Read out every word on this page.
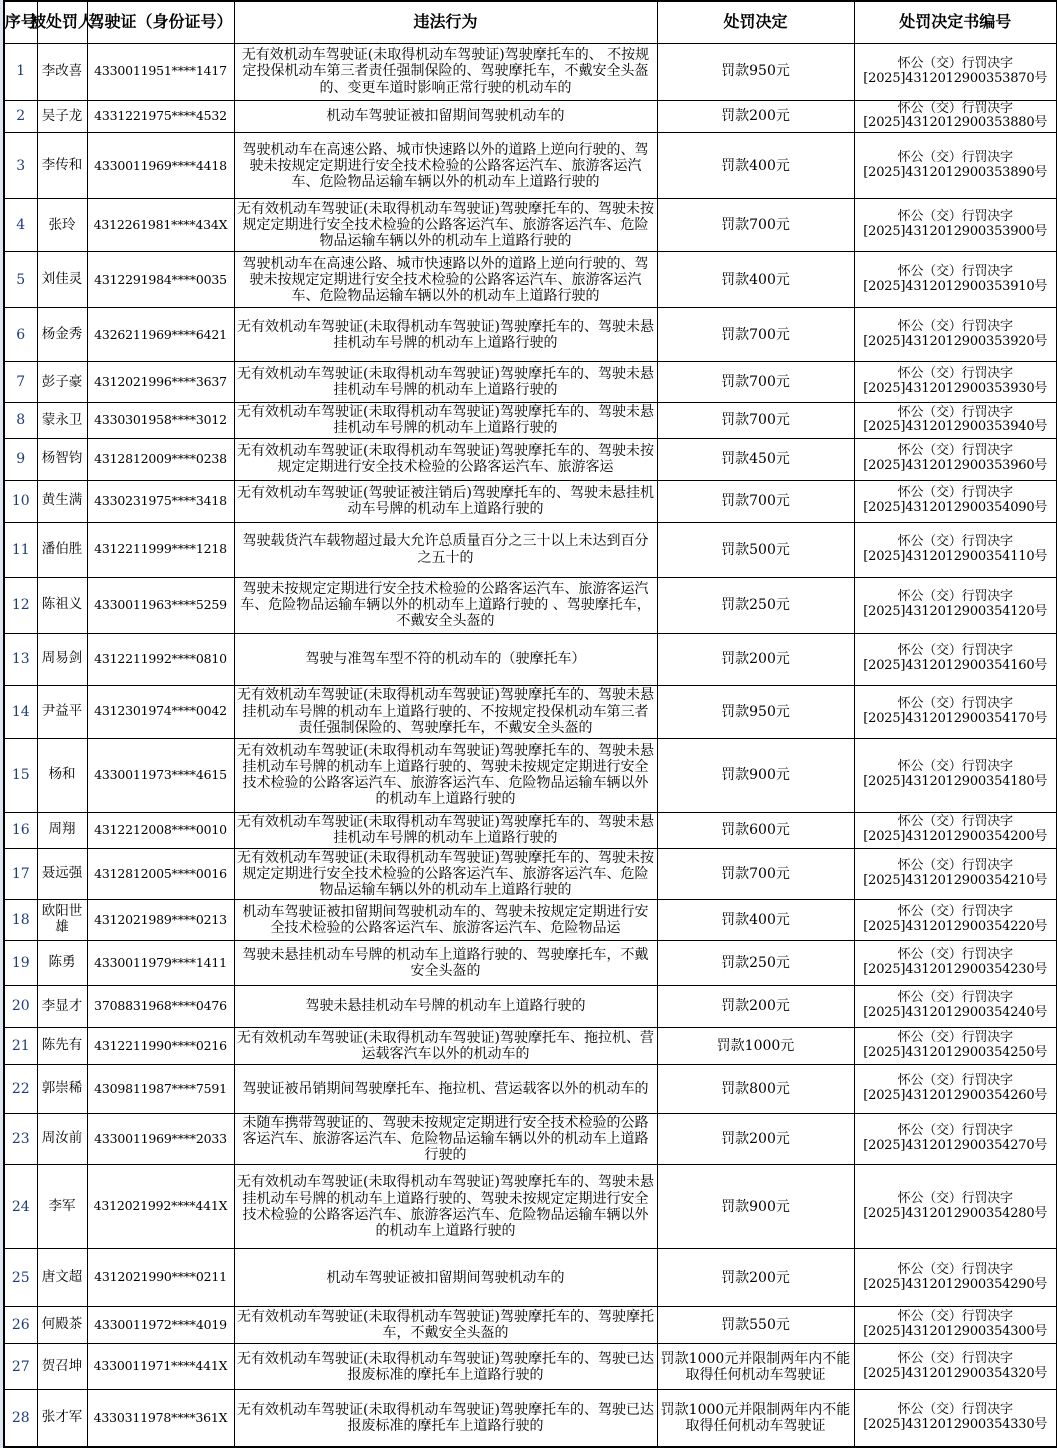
序号	被处罚人	驾驶证（身份证号）	违法行为	处罚决定	处罚决定书编号
1	李改喜	4330011951****1417	无有效机动车驾驶证(未取得机动车驾驶证)驾驶摩托车的、 不按规定投保机动车第三者责任强制保险的、驾驶摩托车，不戴安全头盔的、变更车道时影响正常行驶的机动车的	罚款950元	怀公（交）行罚决字[2025]4312012900353870号
2	吴子龙	4331221975****4532	机动车驾驶证被扣留期间驾驶机动车的	罚款200元	怀公（交）行罚决字[2025]4312012900353880号
3	李传和	4330011969****4418	驾驶机动车在高速公路、城市快速路以外的道路上逆向行驶的、驾驶未按规定定期进行安全技术检验的公路客运汽车、旅游客运汽车、危险物品运输车辆以外的机动车上道路行驶的	罚款400元	怀公（交）行罚决字[2025]4312012900353890号
4	张玲	4312261981****434X	无有效机动车驾驶证(未取得机动车驾驶证)驾驶摩托车的、驾驶未按规定定期进行安全技术检验的公路客运汽车、旅游客运汽车、危险物品运输车辆以外的机动车上道路行驶的	罚款700元	怀公（交）行罚决字[2025]4312012900353900号
5	刘佳灵	4312291984****0035	驾驶机动车在高速公路、城市快速路以外的道路上逆向行驶的、驾驶未按规定定期进行安全技术检验的公路客运汽车、旅游客运汽车、危险物品运输车辆以外的机动车上道路行驶的	罚款400元	怀公（交）行罚决字[2025]4312012900353910号
6	杨金秀	4326211969****6421	无有效机动车驾驶证(未取得机动车驾驶证)驾驶摩托车的、驾驶未悬挂机动车号牌的机动车上道路行驶的	罚款700元	怀公（交）行罚决字[2025]4312012900353920号
7	彭子豪	4312021996****3637	无有效机动车驾驶证(未取得机动车驾驶证)驾驶摩托车的、驾驶未悬挂机动车号牌的机动车上道路行驶的	罚款700元	怀公（交）行罚决字[2025]4312012900353930号
8	蒙永卫	4330301958****3012	无有效机动车驾驶证(未取得机动车驾驶证)驾驶摩托车的、驾驶未悬挂机动车号牌的机动车上道路行驶的	罚款700元	怀公（交）行罚决字[2025]4312012900353940号
9	杨智钧	4312812009****0238	无有效机动车驾驶证(未取得机动车驾驶证)驾驶摩托车的、驾驶未按规定定期进行安全技术检验的公路客运汽车、旅游客运	罚款450元	怀公（交）行罚决字[2025]4312012900353960号
10	黄生满	4330231975****3418	无有效机动车驾驶证(驾驶证被注销后)驾驶摩托车的、驾驶未悬挂机动车号牌的机动车上道路行驶的	罚款700元	怀公（交）行罚决字[2025]4312012900354090号
11	潘伯胜	4312211999****1218	驾驶载货汽车载物超过最大允许总质量百分之三十以上未达到百分之五十的	罚款500元	怀公（交）行罚决字[2025]4312012900354110号
12	陈祖义	4330011963****5259	驾驶未按规定定期进行安全技术检验的公路客运汽车、旅游客运汽车、危险物品运输车辆以外的机动车上道路行驶的 、驾驶摩托车，不戴安全头盔的	罚款250元	怀公（交）行罚决字[2025]4312012900354120号
13	周易剑	4312211992****0810	驾驶与准驾车型不符的机动车的（驶摩托车）	罚款200元	怀公（交）行罚决字[2025]4312012900354160号
14	尹益平	4312301974****0042	无有效机动车驾驶证(未取得机动车驾驶证)驾驶摩托车的、驾驶未悬挂机动车号牌的机动车上道路行驶的、不按规定投保机动车第三者责任强制保险的、驾驶摩托车，不戴安全头盔的	罚款950元	怀公（交）行罚决字[2025]4312012900354170号
15	杨和	4330011973****4615	无有效机动车驾驶证(未取得机动车驾驶证)驾驶摩托车的、驾驶未悬挂机动车号牌的机动车上道路行驶的、驾驶未按规定定期进行安全技术检验的公路客运汽车、旅游客运汽车、危险物品运输车辆以外的机动车上道路行驶的	罚款900元	怀公（交）行罚决字[2025]4312012900354180号
16	周翔	4312212008****0010	无有效机动车驾驶证(未取得机动车驾驶证)驾驶摩托车的、驾驶未悬挂机动车号牌的机动车上道路行驶的	罚款600元	怀公（交）行罚决字[2025]4312012900354200号
17	聂远强	4312812005****0016	无有效机动车驾驶证(未取得机动车驾驶证)驾驶摩托车的、驾驶未按规定定期进行安全技术检验的公路客运汽车、旅游客运汽车、危险物品运输车辆以外的机动车上道路行驶的	罚款700元	怀公（交）行罚决字[2025]4312012900354210号
18	欧阳世雄	4312021989****0213	机动车驾驶证被扣留期间驾驶机动车的、驾驶未按规定定期进行安全技术检验的公路客运汽车、旅游客运汽车、危险物品运	罚款400元	怀公（交）行罚决字[2025]4312012900354220号
19	陈勇	4330011979****1411	驾驶未悬挂机动车号牌的机动车上道路行驶的、驾驶摩托车，不戴安全头盔的	罚款250元	怀公（交）行罚决字[2025]4312012900354230号
20	李显才	3708831968****0476	驾驶未悬挂机动车号牌的机动车上道路行驶的	罚款200元	怀公（交）行罚决字[2025]4312012900354240号
21	陈先有	4312211990****0216	无有效机动车驾驶证(未取得机动车驾驶证)驾驶摩托车、拖拉机、营运载客汽车以外的机动车的	罚款1000元	怀公（交）行罚决字[2025]4312012900354250号
22	郭崇稀	4309811987****7591	驾驶证被吊销期间驾驶摩托车、拖拉机、营运载客以外的机动车的	罚款800元	怀公（交）行罚决字[2025]4312012900354260号
23	周汝前	4330011969****2033	未随车携带驾驶证的、驾驶未按规定定期进行安全技术检验的公路客运汽车、旅游客运汽车、危险物品运输车辆以外的机动车上道路行驶的	罚款200元	怀公（交）行罚决字[2025]4312012900354270号
24	李军	4312021992****441X	无有效机动车驾驶证(未取得机动车驾驶证)驾驶摩托车的、驾驶未悬挂机动车号牌的机动车上道路行驶的、驾驶未按规定定期进行安全技术检验的公路客运汽车、旅游客运汽车、危险物品运输车辆以外的机动车上道路行驶的	罚款900元	怀公（交）行罚决字[2025]4312012900354280号
25	唐文超	4312021990****0211	机动车驾驶证被扣留期间驾驶机动车的	罚款200元	怀公（交）行罚决字[2025]4312012900354290号
26	何殿茶	4330011972****4019	无有效机动车驾驶证(未取得机动车驾驶证)驾驶摩托车的、驾驶摩托车，不戴安全头盔的	罚款550元	怀公（交）行罚决字[2025]4312012900354300号
27	贺召坤	4330011971****441X	无有效机动车驾驶证(未取得机动车驾驶证)驾驶摩托车的、驾驶已达报废标准的摩托车上道路行驶的	罚款1000元并限制两年内不能取得任何机动车驾驶证	怀公（交）行罚决字[2025]4312012900354320号
28	张才军	4330311978****361X	无有效机动车驾驶证(未取得机动车驾驶证)驾驶摩托车的、驾驶已达报废标准的摩托车上道路行驶的	罚款1000元并限制两年内不能取得任何机动车驾驶证	怀公（交）行罚决字[2025]4312012900354330号
